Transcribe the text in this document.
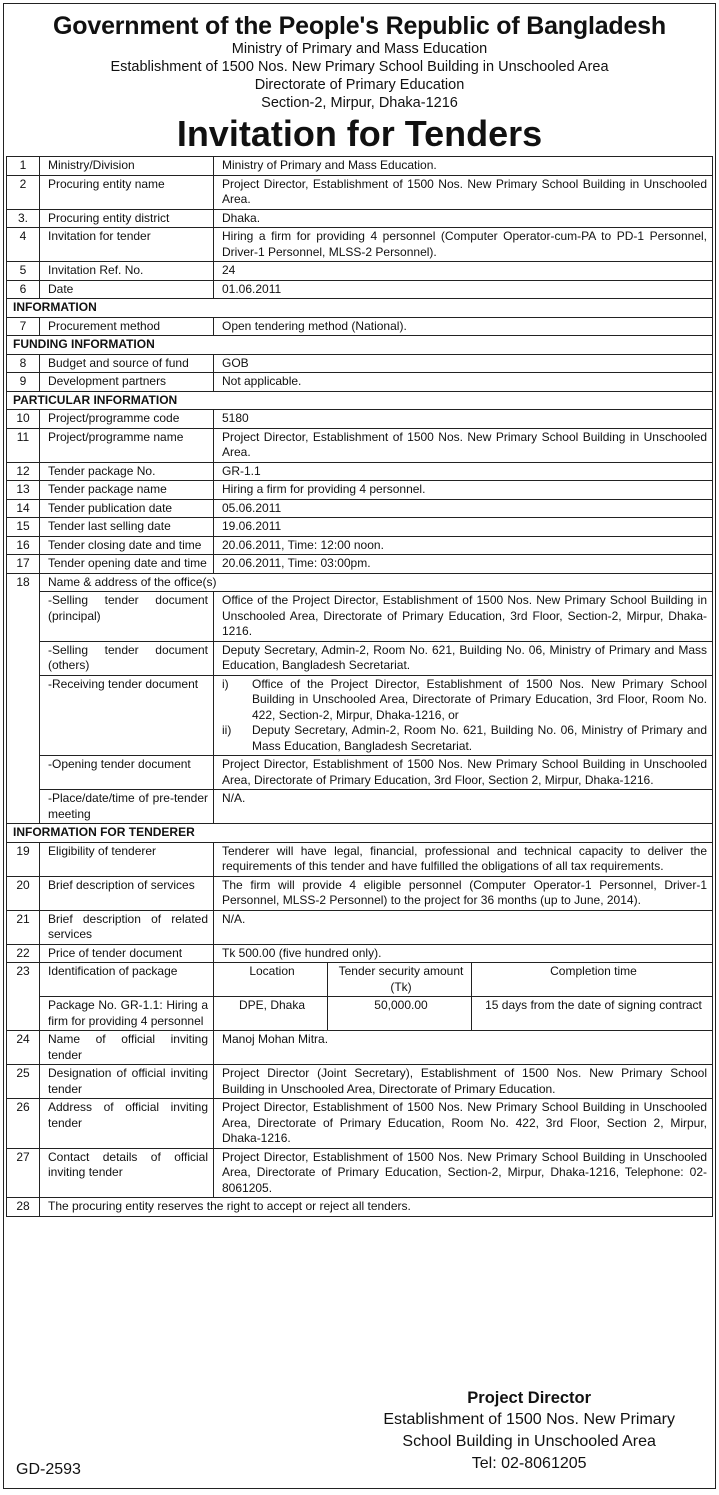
Government of the People's Republic of Bangladesh
Ministry of Primary and Mass Education
Establishment of 1500 Nos. New Primary School Building in Unschooled Area
Directorate of Primary Education
Section-2, Mirpur, Dhaka-1216
Invitation for Tenders
1	Ministry/Division	Ministry of Primary and Mass Education.
2	Procuring entity name	Project Director, Establishment of 1500 Nos. New Primary School Building in Unschooled Area.
3.	Procuring entity district	Dhaka.
4	Invitation for tender	Hiring a firm for providing 4 personnel (Computer Operator-cum-PA to PD-1 Personnel, Driver-1 Personnel, MLSS-2 Personnel).
5	Invitation Ref. No.	24
6	Date	01.06.2011
INFORMATION
7	Procurement method	Open tendering method (National).
FUNDING INFORMATION
8	Budget and source of fund	GOB
9	Development partners	Not applicable.
PARTICULAR INFORMATION
10	Project/programme code	5180
11	Project/programme name	Project Director, Establishment of 1500 Nos. New Primary School Building in Unschooled Area.
12	Tender package No.	GR-1.1
13	Tender package name	Hiring a firm for providing 4 personnel.
14	Tender publication date	05.06.2011
15	Tender last selling date	19.06.2011
16	Tender closing date and time	20.06.2011, Time: 12:00 noon.
17	Tender opening date and time	20.06.2011, Time: 03:00pm.
18	Name & address of the office(s)
-Selling tender document (principal)	Office of the Project Director, Establishment of 1500 Nos. New Primary School Building in Unschooled Area, Directorate of Primary Education, 3rd Floor, Section-2, Mirpur, Dhaka-1216.
-Selling tender document (others)	Deputy Secretary, Admin-2, Room No. 621, Building No. 06, Ministry of Primary and Mass Education, Bangladesh Secretariat.
-Receiving tender document	i)	Office of the Project Director, Establishment of 1500 Nos. New Primary School Building in Unschooled Area, Directorate of Primary Education, 3rd Floor, Room No. 422, Section-2, Mirpur, Dhaka-1216, or
ii)	Deputy Secretary, Admin-2, Room No. 621, Building No. 06, Ministry of Primary and Mass Education, Bangladesh Secretariat.

-Opening tender document	Project Director, Establishment of 1500 Nos. New Primary School Building in Unschooled Area, Directorate of Primary Education, 3rd Floor, Section 2, Mirpur, Dhaka-1216.
-Place/date/time of pre-tender meeting	N/A.
INFORMATION FOR TENDERER
19	Eligibility of tenderer	Tenderer will have legal, financial, professional and technical capacity to deliver the requirements of this tender and have fulfilled the obligations of all tax requirements.
20	Brief description of services	The firm will provide 4 eligible personnel (Computer Operator-1 Personnel, Driver-1 Personnel, MLSS-2 Personnel) to the project for 36 months (up to June, 2014).
21	Brief description of related services	N/A.
22	Price of tender document	Tk 500.00 (five hundred only).
23	Identification of package	Location	Tender security amount (Tk)	Completion time
Package No. GR-1.1: Hiring a firm for providing 4 personnel	DPE, Dhaka	50,000.00	15 days from the date of signing contract
24	Name of official inviting tender	Manoj Mohan Mitra.
25	Designation of official inviting tender	Project Director (Joint Secretary), Establishment of 1500 Nos. New Primary School Building in Unschooled Area, Directorate of Primary Education.
26	Address of official inviting tender	Project Director, Establishment of 1500 Nos. New Primary School Building in Unschooled Area, Directorate of Primary Education, Room No. 422, 3rd Floor, Section 2, Mirpur, Dhaka-1216.
27	Contact details of official inviting tender	Project Director, Establishment of 1500 Nos. New Primary School Building in Unschooled Area, Directorate of Primary Education, Section-2, Mirpur, Dhaka-1216, Telephone: 02-8061205.
28	The procuring entity reserves the right to accept or reject all tenders.
Project Director
Establishment of 1500 Nos. New Primary
School Building in Unschooled Area
Tel: 02-8061205
GD-2593
